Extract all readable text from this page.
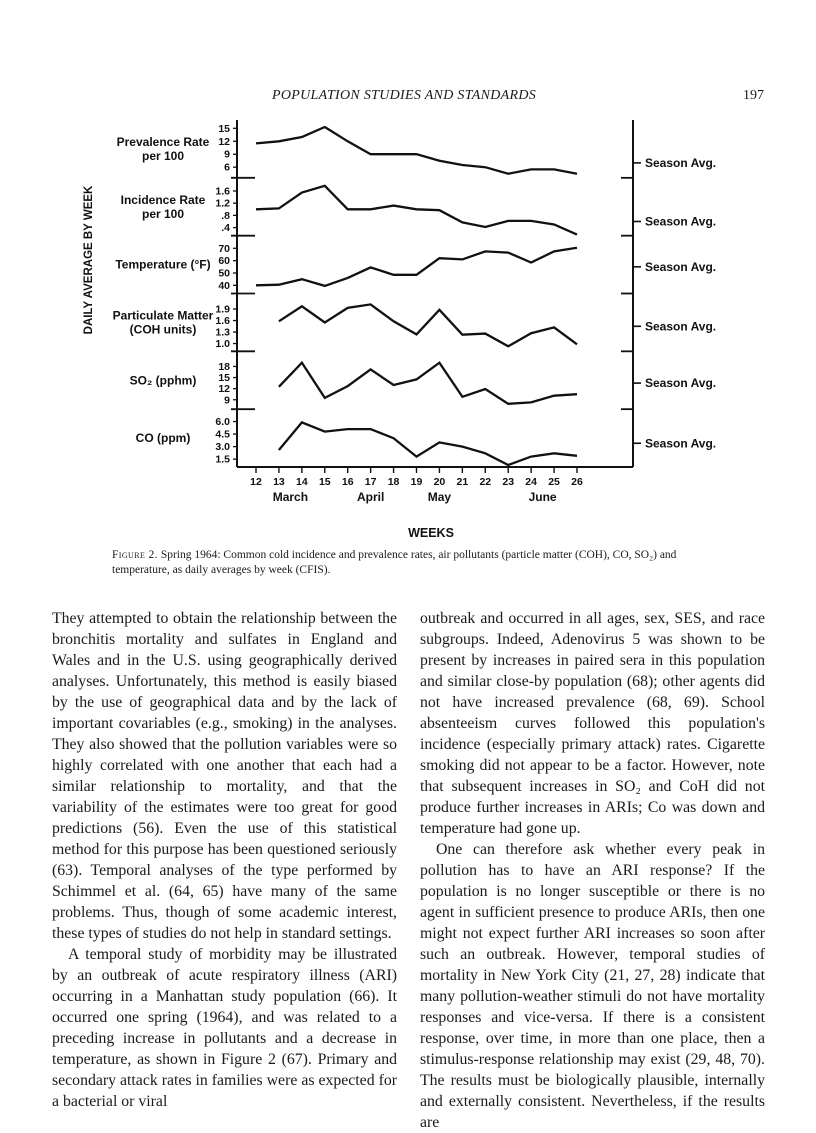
POPULATION STUDIES AND STANDARDS	197
15
12
9
6
Prevalence Rate
per 100	Season Avg.
1.6
1.2
.8
.4
Incidence Rate
per 100
Season Avg.
70
60
50
40
Temperature (°F)	Season Avg.
1.9
1.6
1.3
1.0
Particulate Matter
(COH units)	Season Avg.
18
15
12
9
SO₂ (pphm)	Season Avg.
6.0
4.5
3.0
1.5
CO (ppm)	Season Avg.
12 13 14 15 16 17 18 19 20 21 22 23 24 25 26
March	April	May	June
WEEKS
DAILY AVERAGE BY WEEK
Figure 2. Spring 1964: Common cold incidence and prevalence rates, air pollutants (particle matter (COH), CO, SO₂) and temperature, as daily averages by week (CFIS).

They attempted to obtain the relationship between the bronchitis mortality and sulfates in England and Wales and in the U.S. using geographically derived analyses. Unfortunately, this method is easily biased by the use of geographical data and by the lack of important covariables (e.g., smoking) in the analyses. They also showed that the pollution variables were so highly correlated with one another that each had a similar relationship to mortality, and that the variability of the estimates were too great for good predictions (56). Even the use of this statistical method for this purpose has been questioned seriously (63). Temporal analyses of the type performed by Schimmel et al. (64, 65) have many of the same problems. Thus, though of some academic interest, these types of studies do not help in standard settings.

A temporal study of morbidity may be illustrated by an outbreak of acute respiratory illness (ARI) occurring in a Manhattan study population (66). It occurred one spring (1964), and was related to a preceding increase in pollutants and a decrease in temperature, as shown in Figure 2 (67). Primary and secondary attack rates in families were as expected for a bacterial or viral

outbreak and occurred in all ages, sex, SES, and race subgroups. Indeed, Adenovirus 5 was shown to be present by increases in paired sera in this population and similar close-by population (68); other agents did not have increased prevalence (68, 69). School absenteeism curves followed this population's incidence (especially primary attack) rates. Cigarette smoking did not appear to be a factor. However, note that subsequent increases in SO₂ and CoH did not produce further increases in ARIs; Co was down and temperature had gone up.

One can therefore ask whether every peak in pollution has to have an ARI response? If the population is no longer susceptible or there is no agent in sufficient presence to produce ARIs, then one might not expect further ARI increases so soon after such an outbreak. However, temporal studies of mortality in New York City (21, 27, 28) indicate that many pollution-weather stimuli do not have mortality responses and vice-versa. If there is a consistent response, over time, in more than one place, then a stimulus-response relationship may exist (29, 48, 70). The results must be biologically plausible, internally and externally consistent. Nevertheless, if the results are
